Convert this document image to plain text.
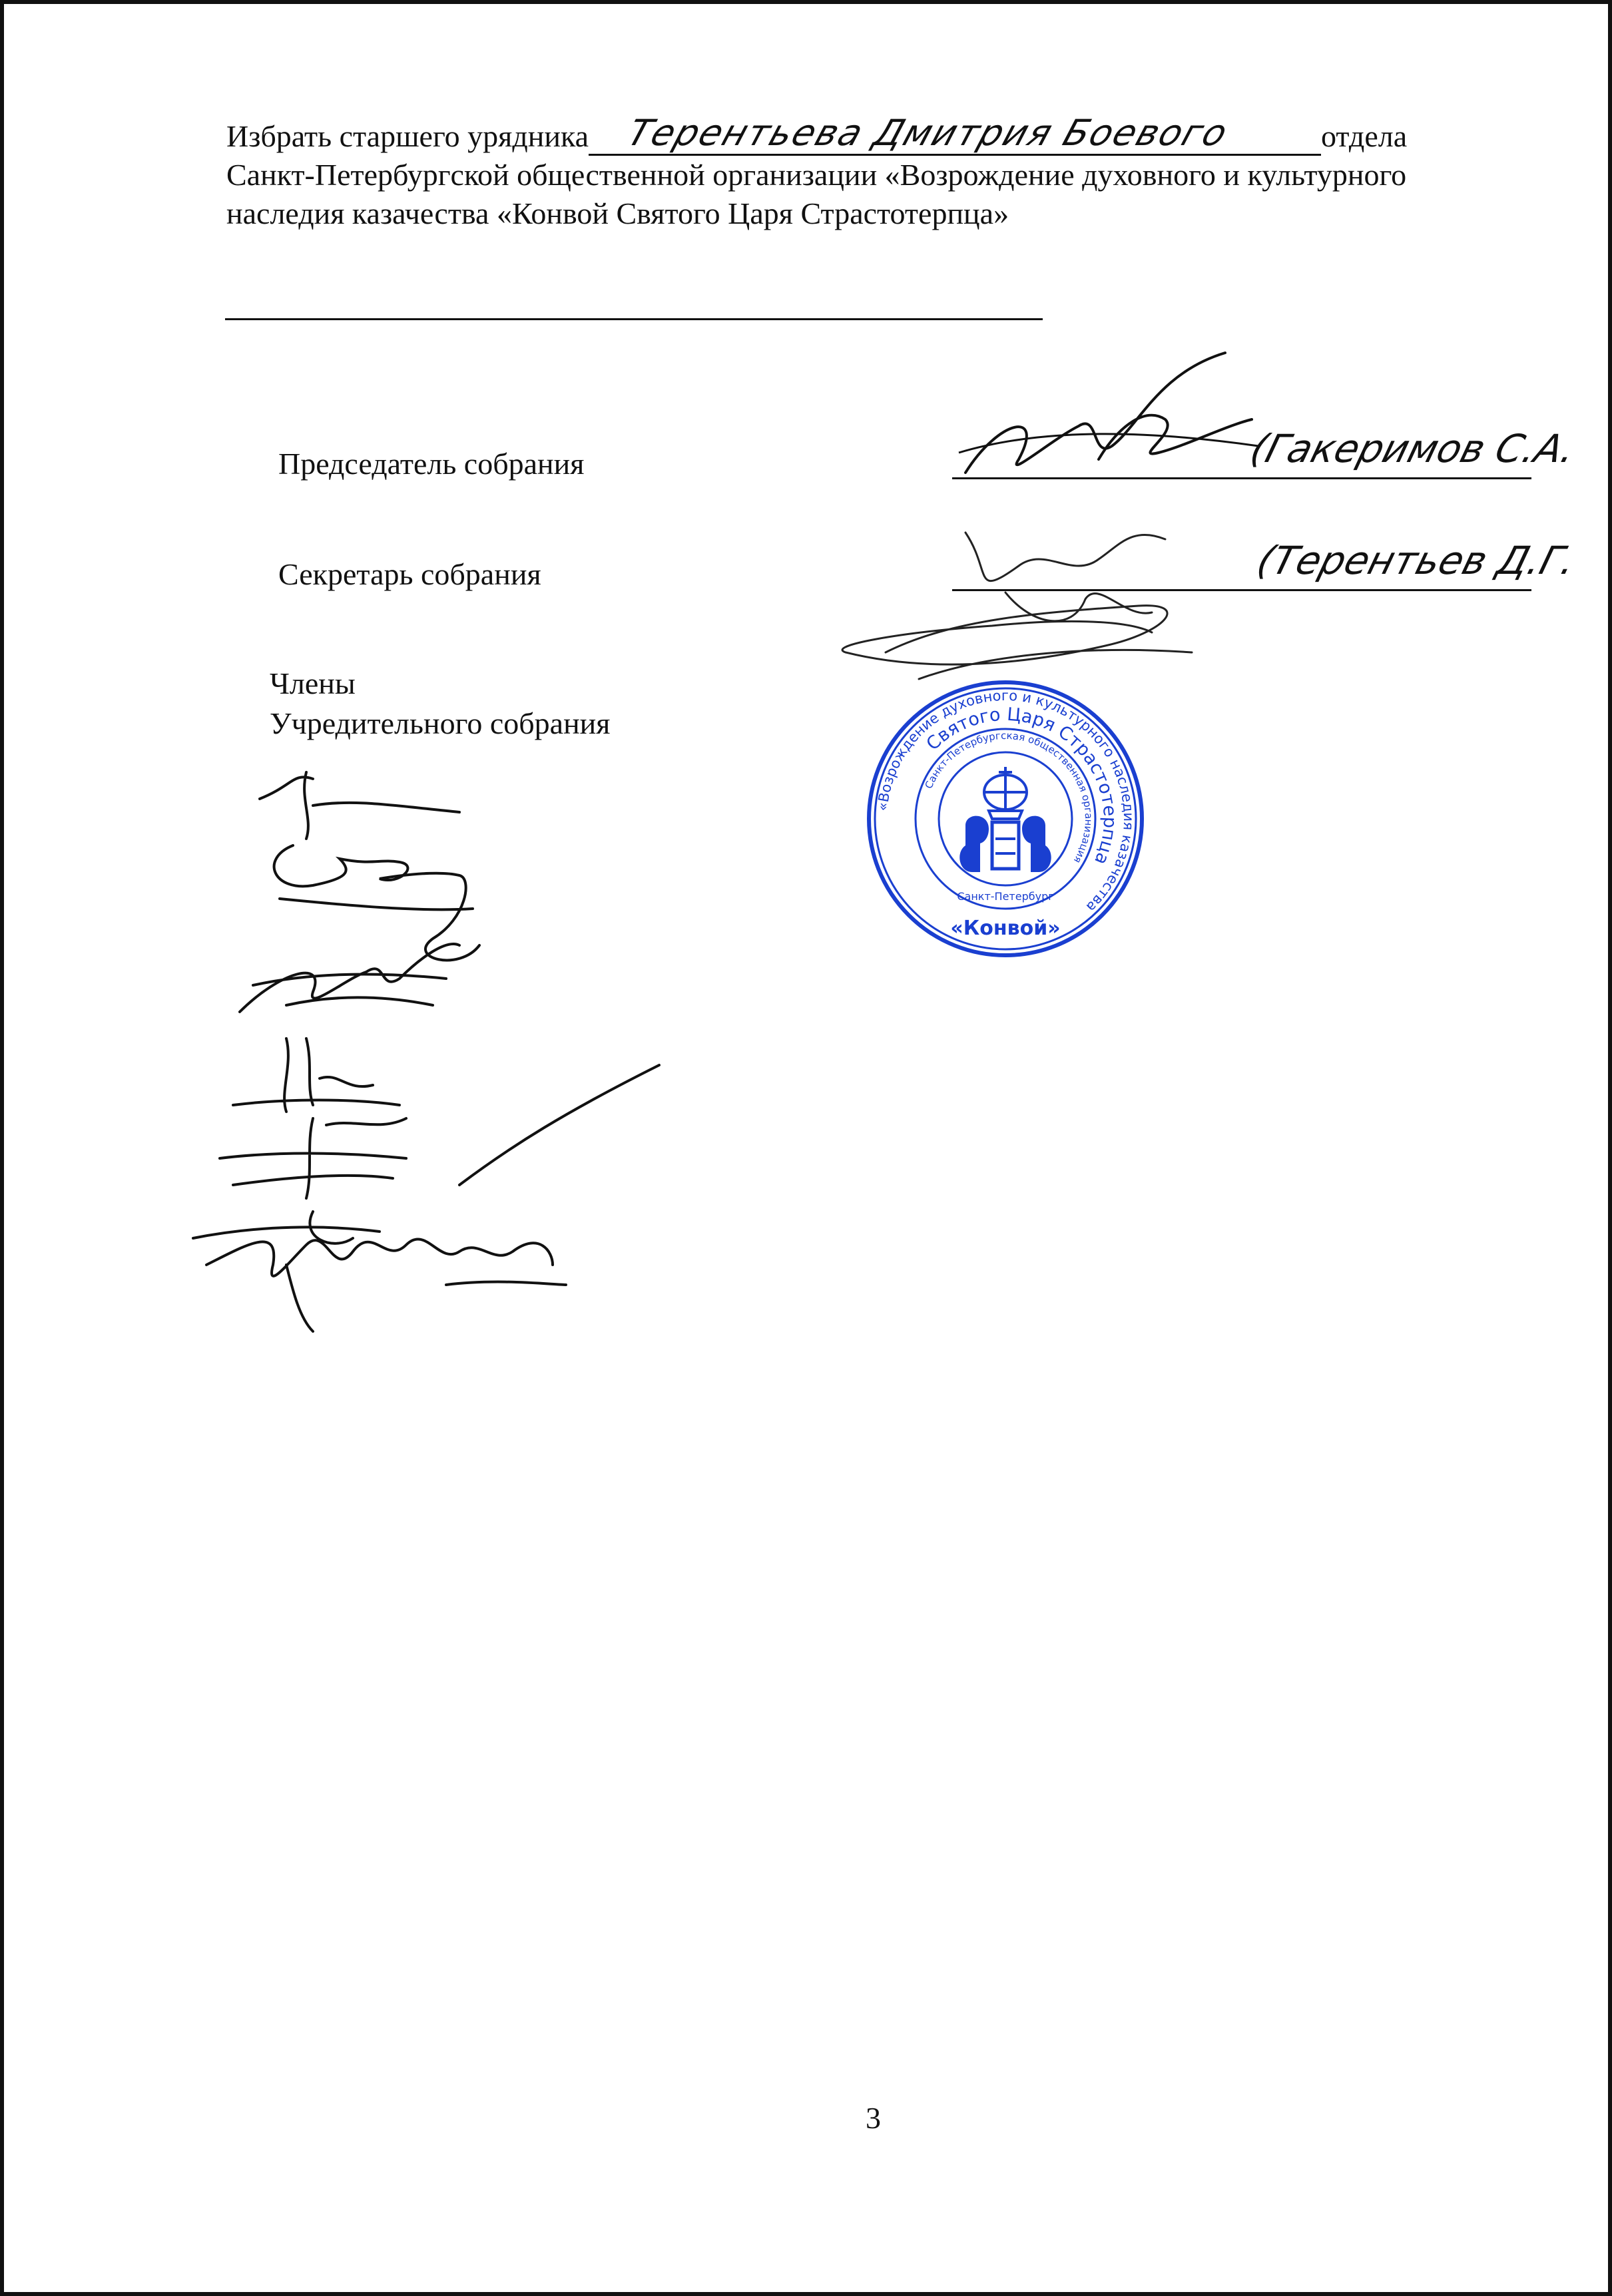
Избрать старшего урядника	отдела
Санкт-Петербургской общественной организации «Возрождение духовного и культурного
наследия казачества «Конвой Святого Царя Страстотерпца»
Терентьева Дмитрия Боевого
Председатель собрания	(Гакеримов С.А.
Секретарь собрания	(Терентьев Д.Г.
Члены
Учредительного собрания
«Возрождение духовного и культурного наследия казачества
Святого Царя Страстотерпца
Санкт-Петербургская общественная организация
Санкт-Петербург
«Конвой»
3
